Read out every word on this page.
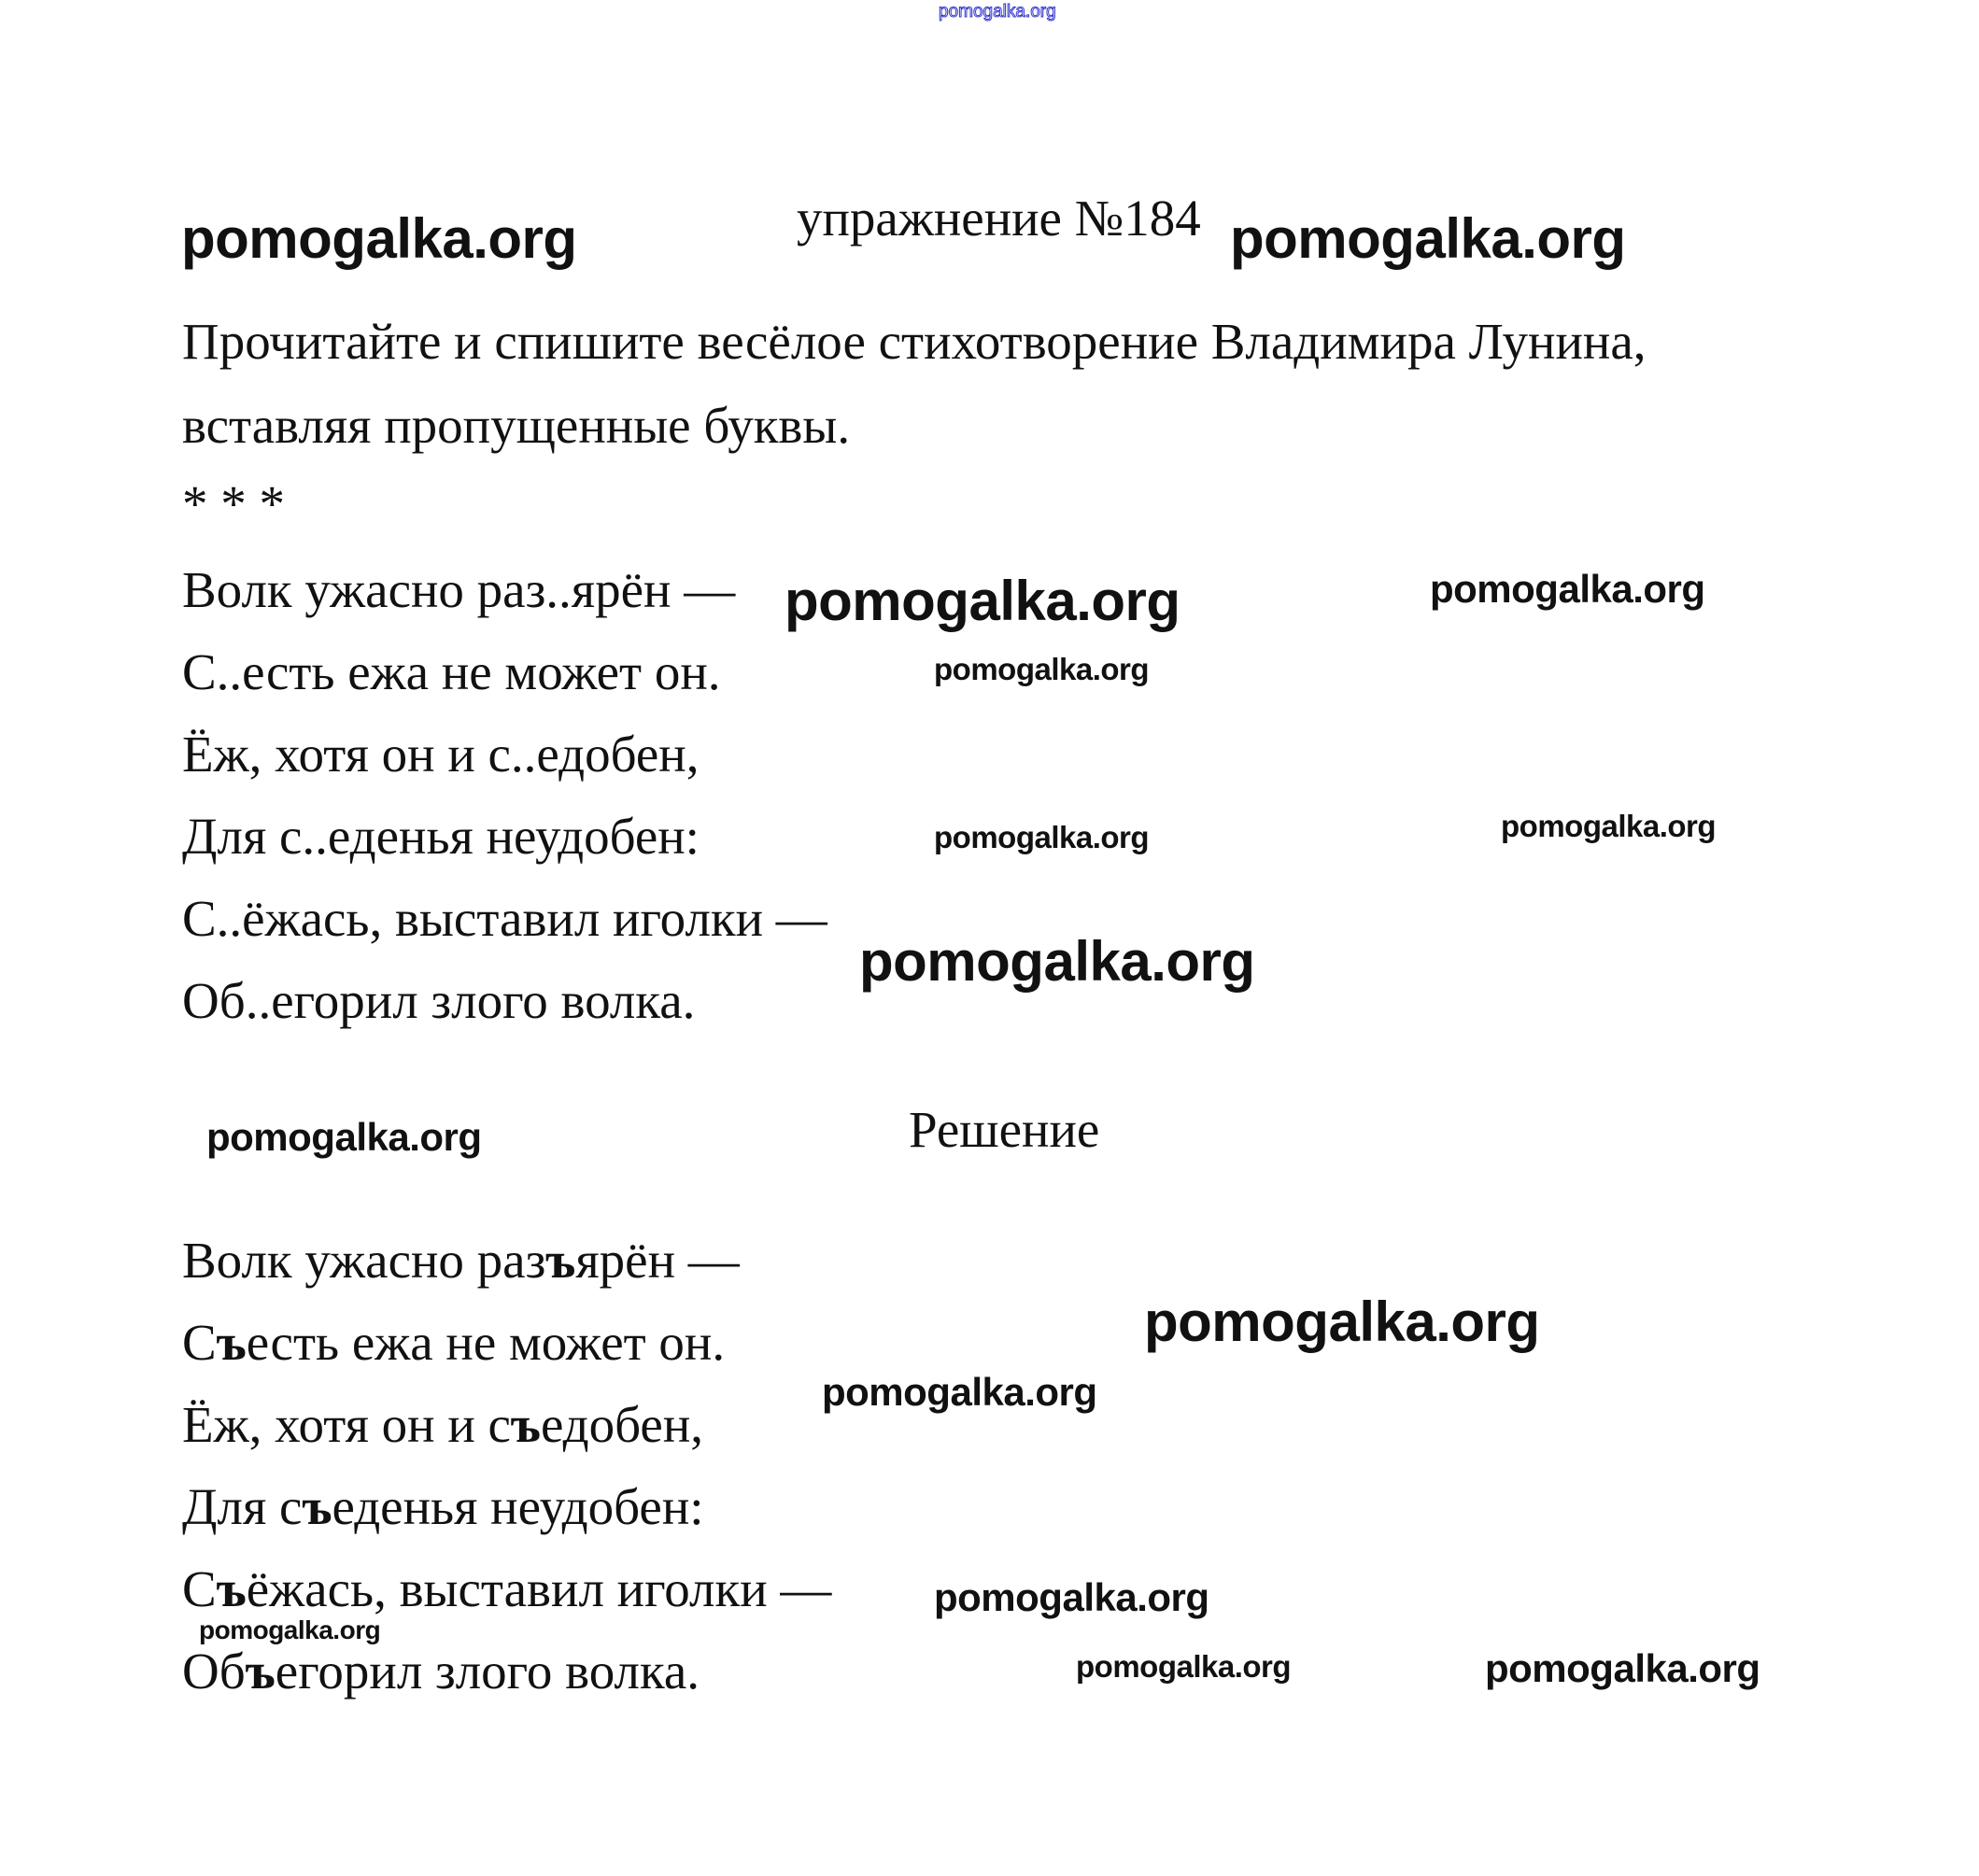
pomogalka.org
pomogalka.org	упражнение №184 pomogalka.org
Прочитайте и спишите весёлое стихотворение Владимира Лунина,
вставляя пропущенные буквы.
* * *
Волк ужасно раз..ярён —
С..есть ежа не может он.
Ёж, хотя он и с..едобен,
Для с..еденья неудобен:
С..ёжась, выставил иголки —
Об..егорил злого волка.
Решение
Волк ужасно разъярён —
Съесть ежа не может он.
Ёж, хотя он и съедобен,
Для съеденья неудобен:
Съёжась, выставил иголки —
Объегорил злого волка.
pomogalka.org	pomogalka.org
pomogalka.org
pomogalka.org
pomogalka.org
pomogalka.org
pomogalka.org
pomogalka.org
pomogalka.org
pomogalka.org
pomogalka.org
pomogalka.org	pomogalka.org
